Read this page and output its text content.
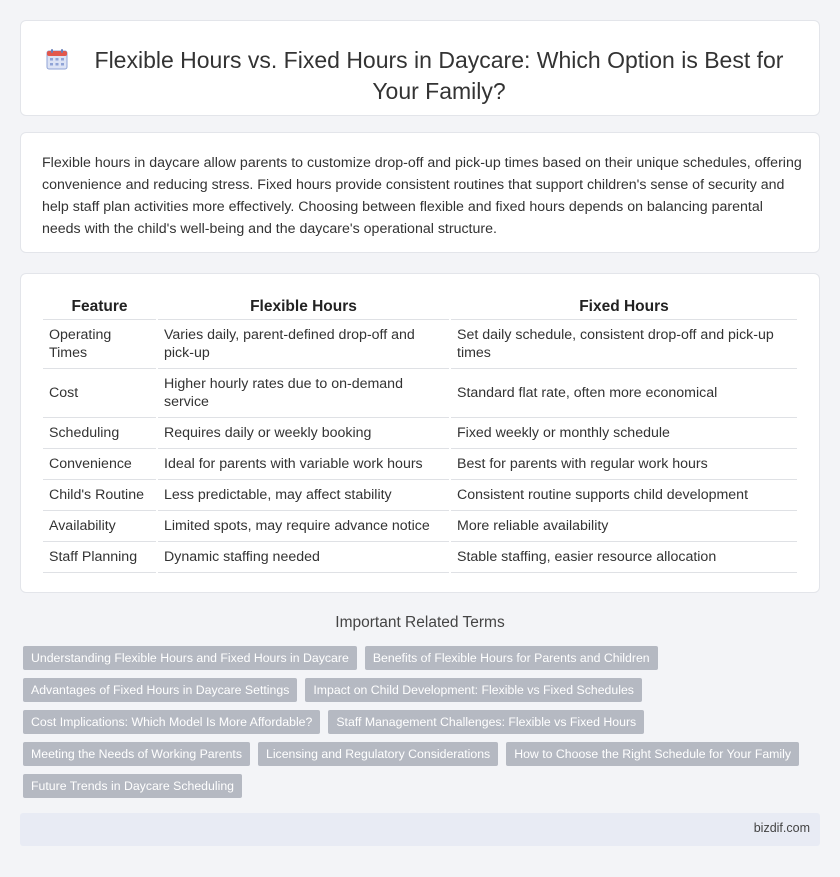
Flexible Hours vs. Fixed Hours in Daycare: Which Option is Best for Your Family?

Flexible hours in daycare allow parents to customize drop-off and pick-up times based on their unique schedules, offering convenience and reducing stress. Fixed hours provide consistent routines that support children's sense of security and help staff plan activities more effectively. Choosing between flexible and fixed hours depends on balancing parental needs with the child's well-being and the daycare's operational structure.

Feature	Flexible Hours	Fixed Hours
Operating Times	Varies daily, parent-defined drop-off and pick-up	Set daily schedule, consistent drop-off and pick-up times
Cost	Higher hourly rates due to on-demand service	Standard flat rate, often more economical
Scheduling	Requires daily or weekly booking	Fixed weekly or monthly schedule
Convenience	Ideal for parents with variable work hours	Best for parents with regular work hours
Child's Routine	Less predictable, may affect stability	Consistent routine supports child development
Availability	Limited spots, may require advance notice	More reliable availability
Staff Planning	Dynamic staffing needed	Stable staffing, easier resource allocation
Important Related Terms
Understanding Flexible Hours and Fixed Hours in Daycare	Benefits of Flexible Hours for Parents and Children
Advantages of Fixed Hours in Daycare Settings	Impact on Child Development: Flexible vs Fixed Schedules
Cost Implications: Which Model Is More Affordable?	Staff Management Challenges: Flexible vs Fixed Hours
Meeting the Needs of Working Parents	Licensing and Regulatory Considerations	How to Choose the Right Schedule for Your Family
Future Trends in Daycare Scheduling
bizdif.com
